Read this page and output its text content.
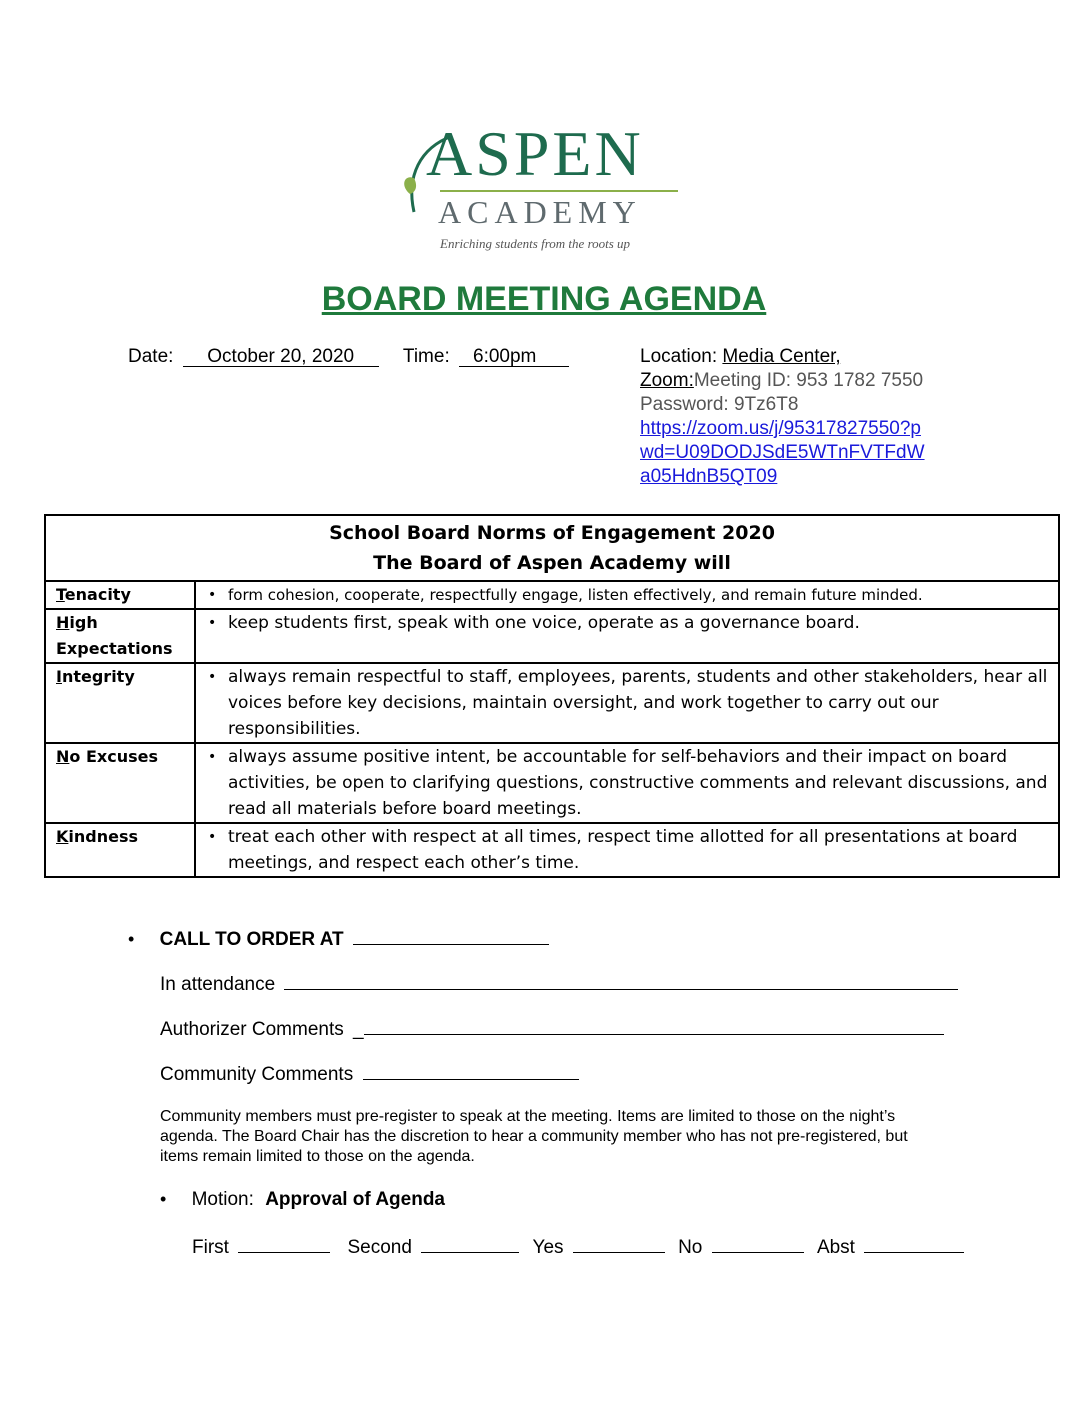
ASPEN
ACADEMY
Enriching students from the roots up
BOARD MEETING AGENDA
Date: October 20, 2020	Time: 6:00pm	Location: Media Center,
Zoom:Meeting ID: 953 1782 7550
Password: 9Tz6T8
https://zoom.us/j/95317827550?p
wd=U09DODJSdE5WTnFVTFdW
a05HdnB5QT09
School Board Norms of Engagement 2020
The Board of Aspen Academy will	

Tenacity	• form cohesion, cooperate, respectfully engage, listen effectively, and remain future minded.

High
Expectations	• keep students first, speak with one voice, operate as a governance board.

Integrity	• always remain respectful to staff, employees, parents, students and other stakeholders, hear all voices before key decisions, maintain oversight, and work together to carry out our responsibilities.

No Excuses	• always assume positive intent, be accountable for self-behaviors and their impact on board activities, be open to clarifying questions, constructive comments and relevant discussions, and read all materials before board meetings.

Kindness	• treat each other with respect at all times, respect time allotted for all presentations at board meetings, and respect each other’s time.
• CALL TO ORDER AT
In attendance
Authorizer Comments _
Community Comments
Community members must pre-register to speak at the meeting. Items are limited to those on the night’s agenda. The Board Chair has the discretion to hear a community member who has not pre-registered, but items remain limited to those on the agenda.
• Motion: Approval of Agenda
First	Second	Yes	No	Abst
